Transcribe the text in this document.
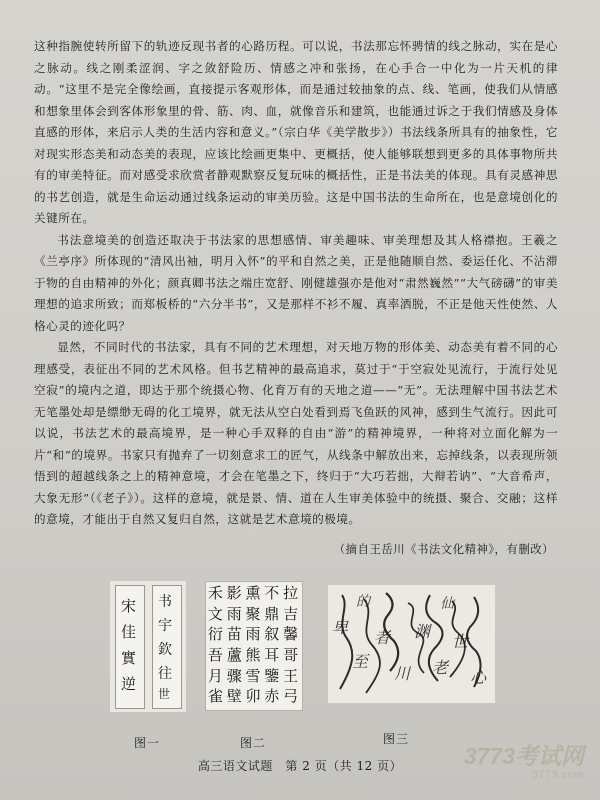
这种指腕使转所留下的轨迹反现书者的心路历程。可以说，书法那忘怀骋情的线之脉动，实在是心之脉动。线之刚柔涩润、字之敛舒险历、情感之冲和张扬，在心手合一中化为一片天机的律动。“这里不是完全像绘画，直接提示客观形体，而是通过较抽象的点、线、笔画，使我们从情感和想象里体会到客体形象里的骨、筋、肉、血，就像音乐和建筑，也能通过诉之于我们情感及身体直感的形体，来启示人类的生活内容和意义。”（宗白华《美学散步》）书法线条所具有的抽象性，它对现实形态美和动态美的表现，应该比绘画更集中、更概括，使人能够联想到更多的具体事物所共有的审美特征。而对感受求欣赏者静观默察反复玩味的概括性，正是书法美的体现。具有灵感神思的书艺创造，就是生命运动通过线条运动的审美历验。这是中国书法的生命所在，也是意境创化的关键所在。

书法意境美的创造还取决于书法家的思想感情、审美趣味、审美理想及其人格襟抱。王羲之《兰亭序》所体现的“清风出袖，明月入怀”的平和自然之美，正是他随顺自然、委运任化、不沾滞于物的自由精神的外化；颜真卿书法之端庄宽舒、刚健雄强亦是他对“肃然巍然”“大气磅礴”的审美理想的追求所致；而郑板桥的“六分半书”，又是那样不衫不履、真率洒脱，不正是他天性使然、人格心灵的迹化吗？

显然，不同时代的书法家，具有不同的艺术理想，对天地万物的形体美、动态美有着不同的心理感受，表征出不同的艺术风格。但书艺精神的最高追求，莫过于“于空寂处见流行，于流行处见空寂”的境内之道，即达于那个统摄心物、化育万有的天地之道——“无”。无法理解中国书法艺术无笔墨处却是缥缈无碍的化工境界，就无法从空白处看到焉飞鱼跃的风神，感到生气流行。因此可以说，书法艺术的最高境界，是一种心手双释的自由“游”的精神境界，一种将对立面化解为一片“和”的境界。书家只有抛弃了一切刻意求工的匠气，从线条中解放出来，忘掉线条，以表现所领悟到的超越线条之上的精神意境，才会在笔墨之下，终归于“大巧若拙，大辩若讷”、“大音希声，大象无形”（《老子》）。这样的意境，就是景、情、道在人生审美体验中的统摄、聚合、交融；这样的意境，才能出于自然又复归自然，这就是艺术意境的极境。

（摘自王岳川《书法文化精神》，有删改）
宋
佳
實
逆
书
宇
欽
往
世
图一
禾 影 熏 不 拉
文 雨 聚 鼎 吉
衍 苗 雨 叙 馨
吾 蘆 熊 耳 哥
月 骤 雪 鑒 王
雀 壁 卯 赤 弓
图二
卑
至
者
川
渊
老
世
心
的	仙
图三
高三语文试题　第 2 页（共 12 页）	3773考试网
3773.com
